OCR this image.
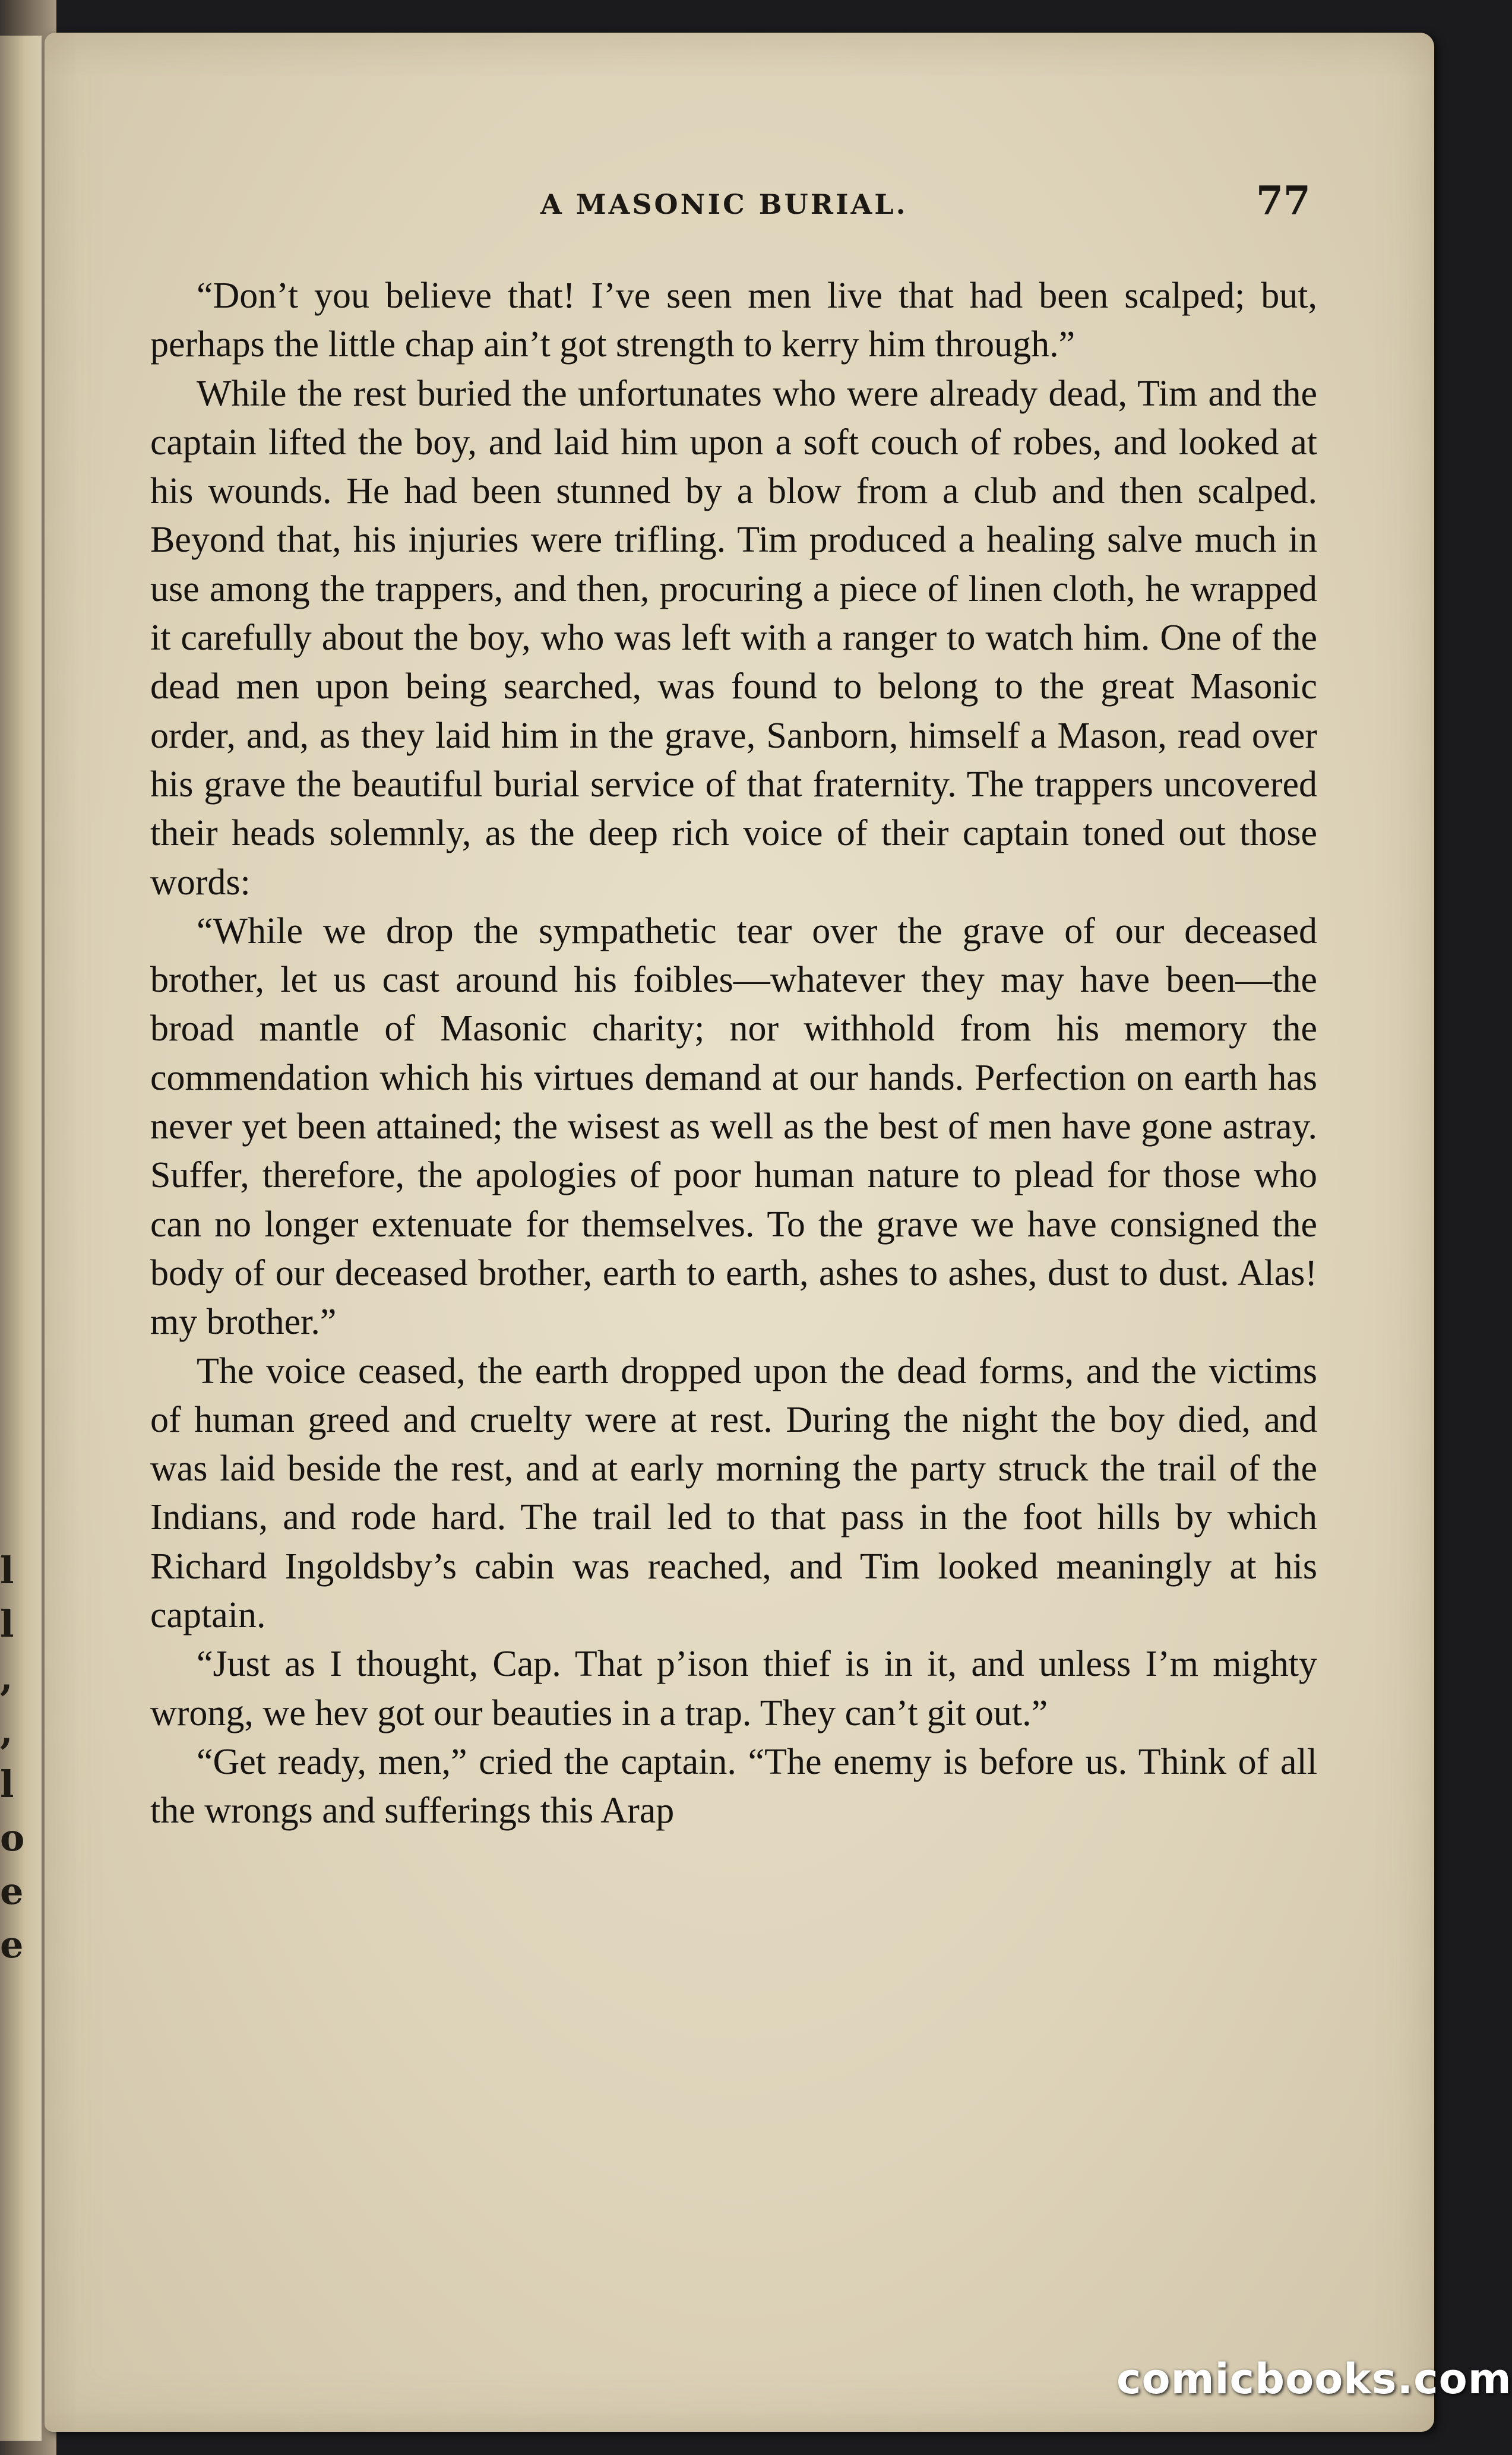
l
l
,
,
l
o
e
e
A MASONIC BURIAL.	77

“Don’t you believe that! I’ve seen men live that had been scalped; but, perhaps the little chap ain’t got strength to kerry him through.”

While the rest buried the unfortunates who were already dead, Tim and the captain lifted the boy, and laid him upon a soft couch of robes, and looked at his wounds. He had been stunned by a blow from a club and then scalped. Beyond that, his injuries were trifling. Tim produced a healing salve much in use among the trappers, and then, procuring a piece of linen cloth, he wrapped it carefully about the boy, who was left with a ranger to watch him. One of the dead men upon being searched, was found to belong to the great Masonic order, and, as they laid him in the grave, Sanborn, himself a Mason, read over his grave the beautiful burial service of that fraternity. The trappers uncovered their heads solemnly, as the deep rich voice of their captain toned out those words:

“While we drop the sympathetic tear over the grave of our deceased brother, let us cast around his foibles—whatever they may have been—the broad mantle of Masonic charity; nor withhold from his memory the commendation which his virtues demand at our hands. Perfection on earth has never yet been attained; the wisest as well as the best of men have gone astray. Suffer, therefore, the apologies of poor human nature to plead for those who can no longer extenuate for themselves. To the grave we have consigned the body of our deceased brother, earth to earth, ashes to ashes, dust to dust. Alas! my brother.”

The voice ceased, the earth dropped upon the dead forms, and the victims of human greed and cruelty were at rest. During the night the boy died, and was laid beside the rest, and at early morning the party struck the trail of the Indians, and rode hard. The trail led to that pass in the foot hills by which Richard Ingoldsby’s cabin was reached, and Tim looked meaningly at his captain.

“Just as I thought, Cap. That p’ison thief is in it, and unless I’m mighty wrong, we hev got our beauties in a trap. They can’t git out.”

“Get ready, men,” cried the captain. “The enemy is before us. Think of all the wrongs and sufferings this Arap

comicbooks.com
